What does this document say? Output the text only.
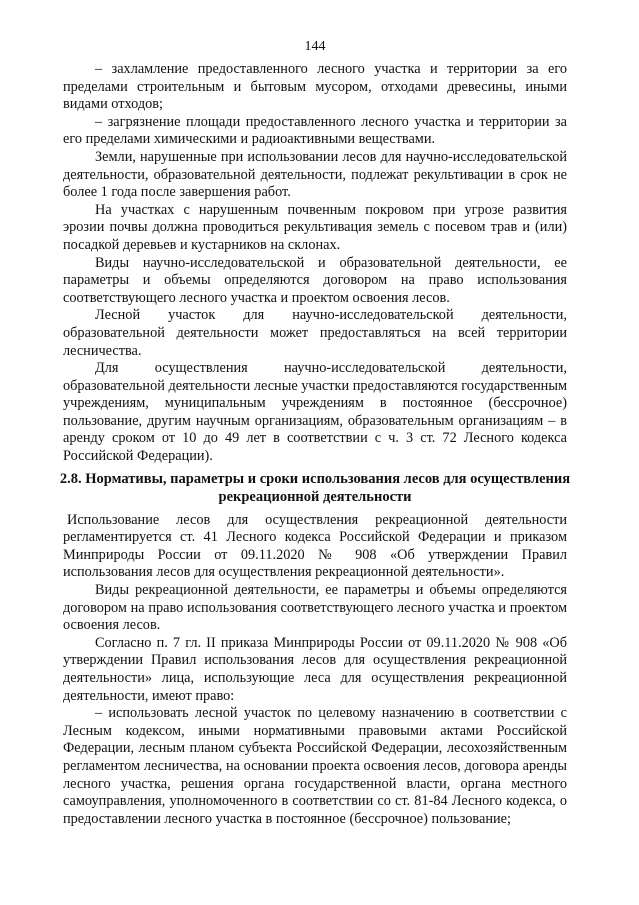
144

– захламление предоставленного лесного участка и территории за его пределами строительным и бытовым мусором, отходами древесины, иными видами отходов;

– загрязнение площади предоставленного лесного участка и территории за его пределами химическими и радиоактивными веществами.

Земли, нарушенные при использовании лесов для научно-исследовательской деятельности, образовательной деятельности, подлежат рекультивации в срок не более 1 года после завершения работ.

На участках с нарушенным почвенным покровом при угрозе развития эрозии почвы должна проводиться рекультивация земель с посевом трав и (или) посадкой деревьев и кустарников на склонах.

Виды научно-исследовательской и образовательной деятельности, ее параметры и объемы определяются договором на право использования соответствующего лесного участка и проектом освоения лесов.

Лесной участок для научно-исследовательской деятельности, образовательной деятельности может предоставляться на всей территории лесничества.

Для осуществления научно-исследовательской деятельности, образовательной деятельности лесные участки предоставляются государственным учреждениям, муниципальным учреждениям в постоянное (бессрочное) пользование, другим научным организациям, образовательным организациям – в аренду сроком от 10 до 49 лет в соответствии с ч. 3 ст. 72 Лесного кодекса Российской Федерации).

2.8. Нормативы, параметры и сроки использования лесов для осуществления рекреационной деятельности

Использование лесов для осуществления рекреационной деятельности регламентируется ст. 41 Лесного кодекса Российской Федерации и приказом Минприроды России от 09.11.2020 № 908 «Об утверждении Правил использования лесов для осуществления рекреационной деятельности».

Виды рекреационной деятельности, ее параметры и объемы определяются договором на право использования соответствующего лесного участка и проектом освоения лесов.

Согласно п. 7 гл. II приказа Минприроды России от 09.11.2020 № 908 «Об утверждении Правил использования лесов для осуществления рекреационной деятельности» лица, использующие леса для осуществления рекреационной деятельности, имеют право:

– использовать лесной участок по целевому назначению в соответствии с Лесным кодексом, иными нормативными правовыми актами Российской Федерации, лесным планом субъекта Российской Федерации, лесохозяйственным регламентом лесничества, на основании проекта освоения лесов, договора аренды лесного участка, решения органа государственной власти, органа местного самоуправления, уполномоченного в соответствии со ст. 81-84 Лесного кодекса, о предоставлении лесного участка в постоянное (бессрочное) пользование;
